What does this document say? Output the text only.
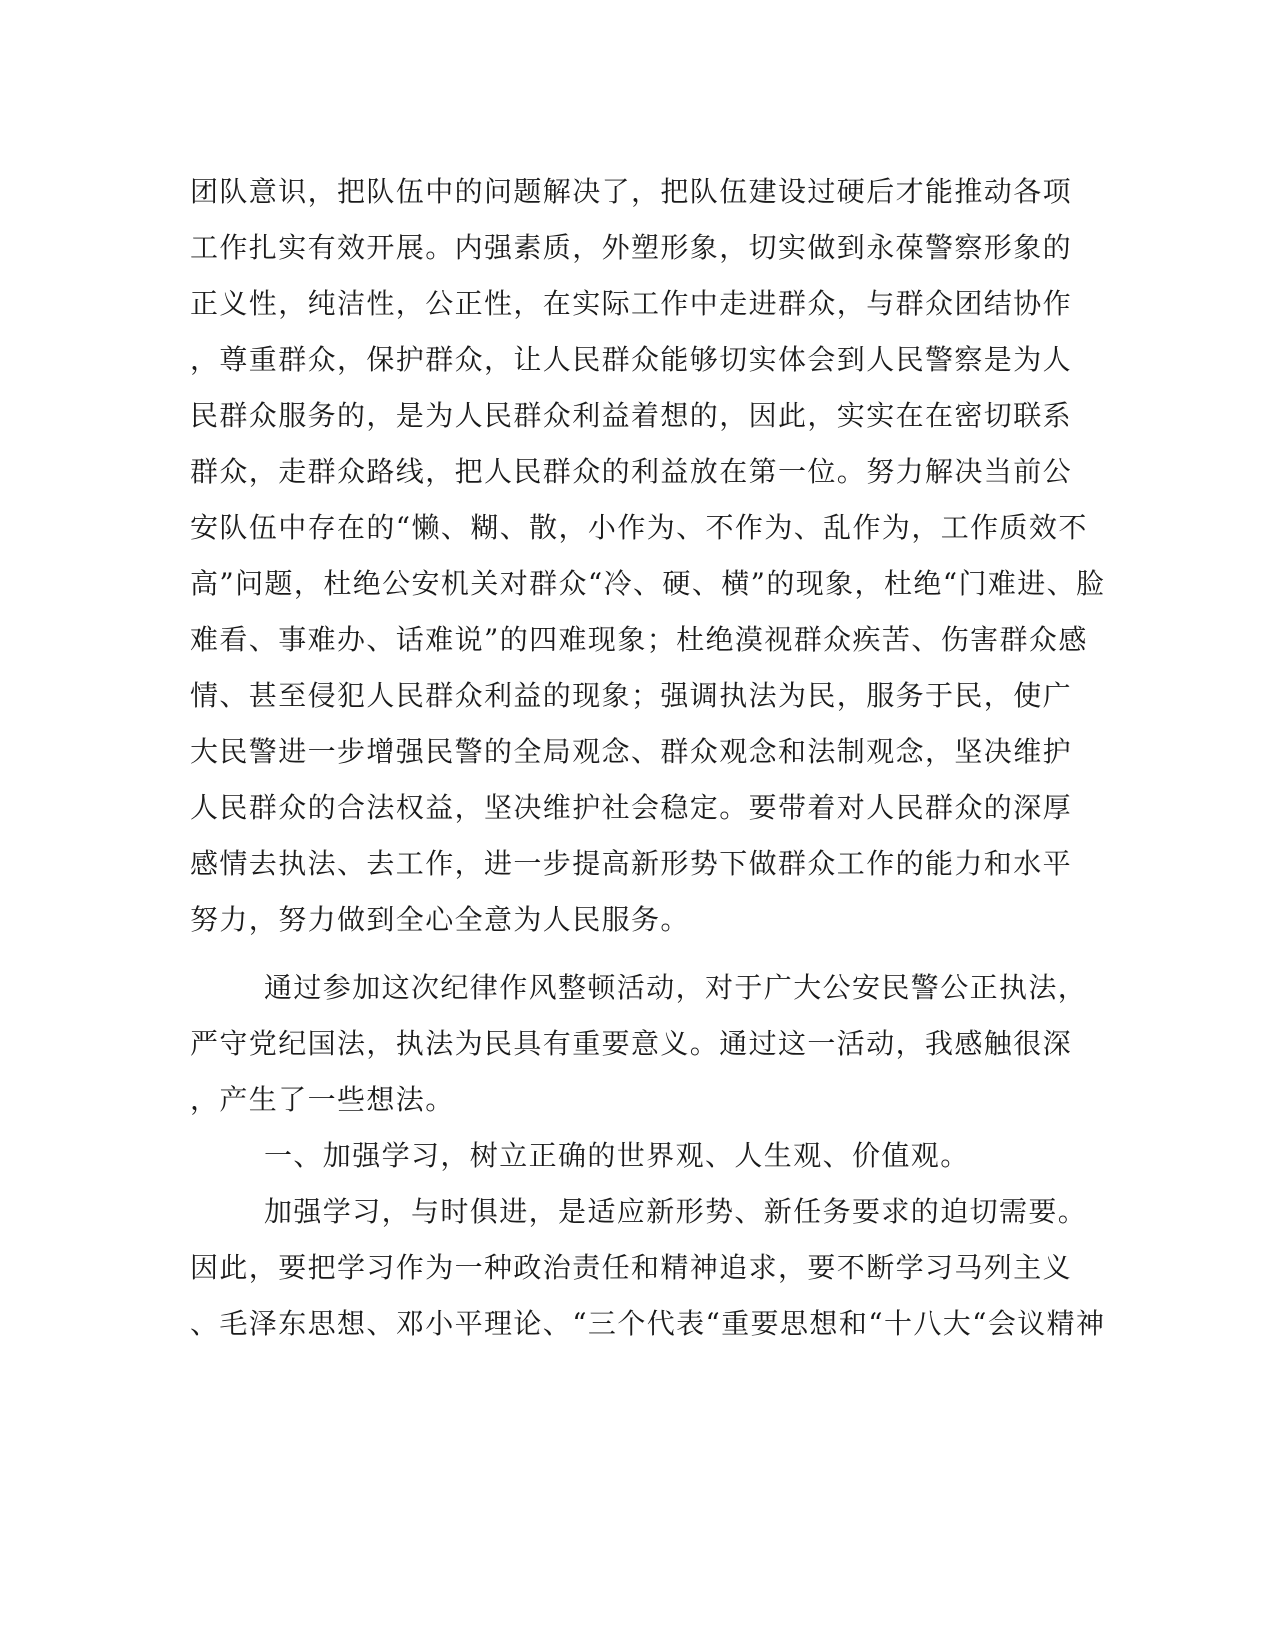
团队意识，把队伍中的问题解决了，把队伍建设过硬后才能推动各项
工作扎实有效开展。内强素质，外塑形象，切实做到永葆警察形象的
正义性，纯洁性，公正性，在实际工作中走进群众，与群众团结协作
，尊重群众，保护群众，让人民群众能够切实体会到人民警察是为人
民群众服务的，是为人民群众利益着想的，因此，实实在在密切联系
群众，走群众路线，把人民群众的利益放在第一位。努力解决当前公
安队伍中存在的“懒、糊、散，小作为、不作为、乱作为，工作质效不
高”问题，杜绝公安机关对群众“冷、硬、横”的现象，杜绝“门难进、脸
难看、事难办、话难说”的四难现象；杜绝漠视群众疾苦、伤害群众感
情、甚至侵犯人民群众利益的现象；强调执法为民，服务于民，使广
大民警进一步增强民警的全局观念、群众观念和法制观念，坚决维护
人民群众的合法权益，坚决维护社会稳定。要带着对人民群众的深厚
感情去执法、去工作，进一步提高新形势下做群众工作的能力和水平
努力，努力做到全心全意为人民服务。
通过参加这次纪律作风整顿活动，对于广大公安民警公正执法，
严守党纪国法，执法为民具有重要意义。通过这一活动，我感触很深
，产生了一些想法。
一、加强学习，树立正确的世界观、人生观、价值观。
加强学习，与时俱进，是适应新形势、新任务要求的迫切需要。
因此，要把学习作为一种政治责任和精神追求，要不断学习马列主义
、毛泽东思想、邓小平理论、“三个代表“重要思想和“十八大“会议精神
